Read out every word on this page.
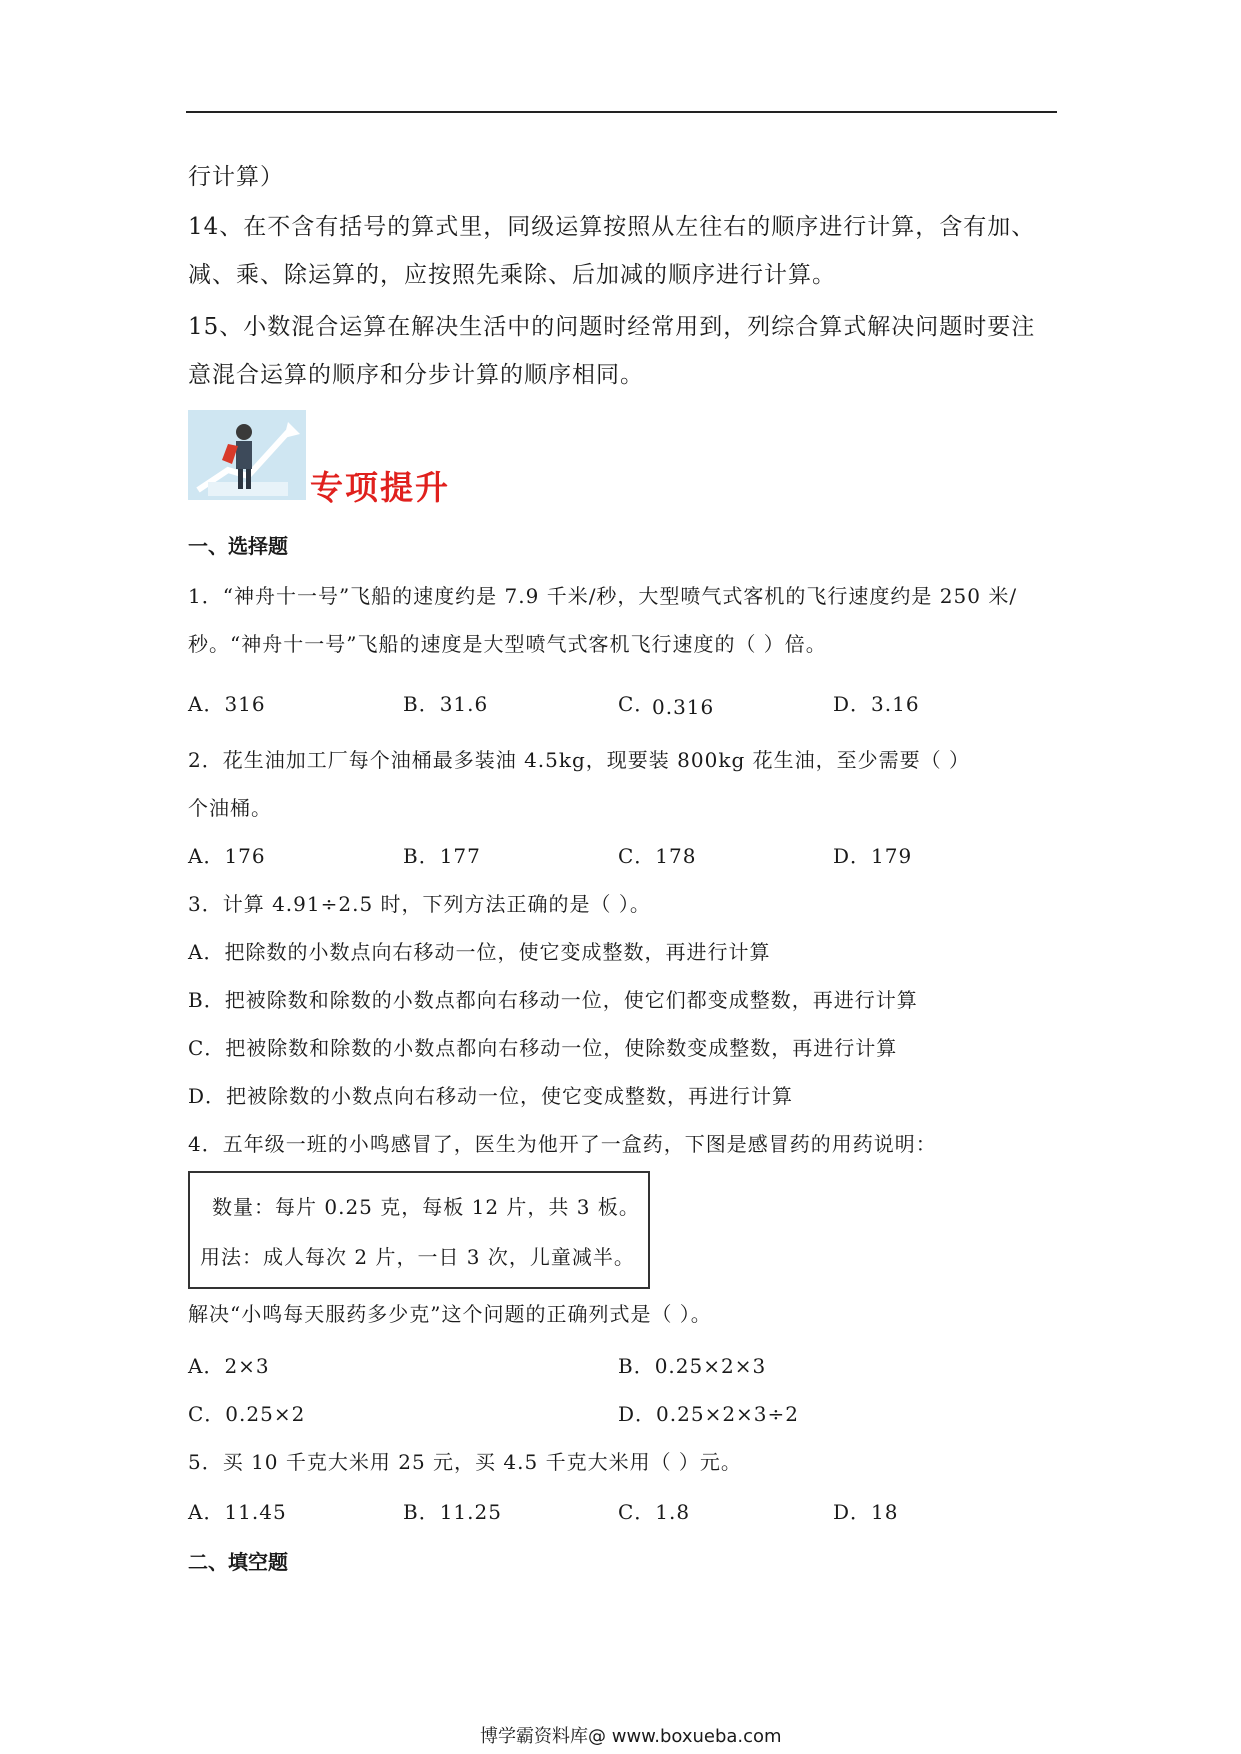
行计算）
14、在不含有括号的算式里，同级运算按照从左往右的顺序进行计算，含有加、
减、乘、除运算的，应按照先乘除、后加减的顺序进行计算。
15、小数混合运算在解决生活中的问题时经常用到，列综合算式解决问题时要注
意混合运算的顺序和分步计算的顺序相同。
专项提升
一、选择题
1．“神舟十一号”飞船的速度约是 7.9 千米/秒，大型喷气式客机的飞行速度约是 250 米/
秒。“神舟十一号”飞船的速度是大型喷气式客机飞行速度的（ ）倍。
A．316	B．31.6	C．
0.316	D．3.16
2．花生油加工厂每个油桶最多装油 4.5kg，现要装 800kg 花生油，至少需要（ ）
个油桶。
A．176	B．177	C．178	D．179
3．计算 4.91÷2.5 时，下列方法正确的是（ ）。
A．把除数的小数点向右移动一位，使它变成整数，再进行计算
B．把被除数和除数的小数点都向右移动一位，使它们都变成整数，再进行计算
C．把被除数和除数的小数点都向右移动一位，使除数变成整数，再进行计算
D．把被除数的小数点向右移动一位，使它变成整数，再进行计算
4．五年级一班的小鸣感冒了，医生为他开了一盒药，下图是感冒药的用药说明：
数量：每片 0.25 克，每板 12 片，共 3 板。
用法：成人每次 2 片，一日 3 次，儿童减半。
解决“小鸣每天服药多少克”这个问题的正确列式是（ ）。
A．2×3	B．0.25×2×3
C．0.25×2	D．0.25×2×3÷2
5．买 10 千克大米用 25 元，买 4.5 千克大米用（ ）元。
A．11.45	B．11.25	C．1.8	D．18
二、填空题
博学霸资料库@ www.boxueba.com
